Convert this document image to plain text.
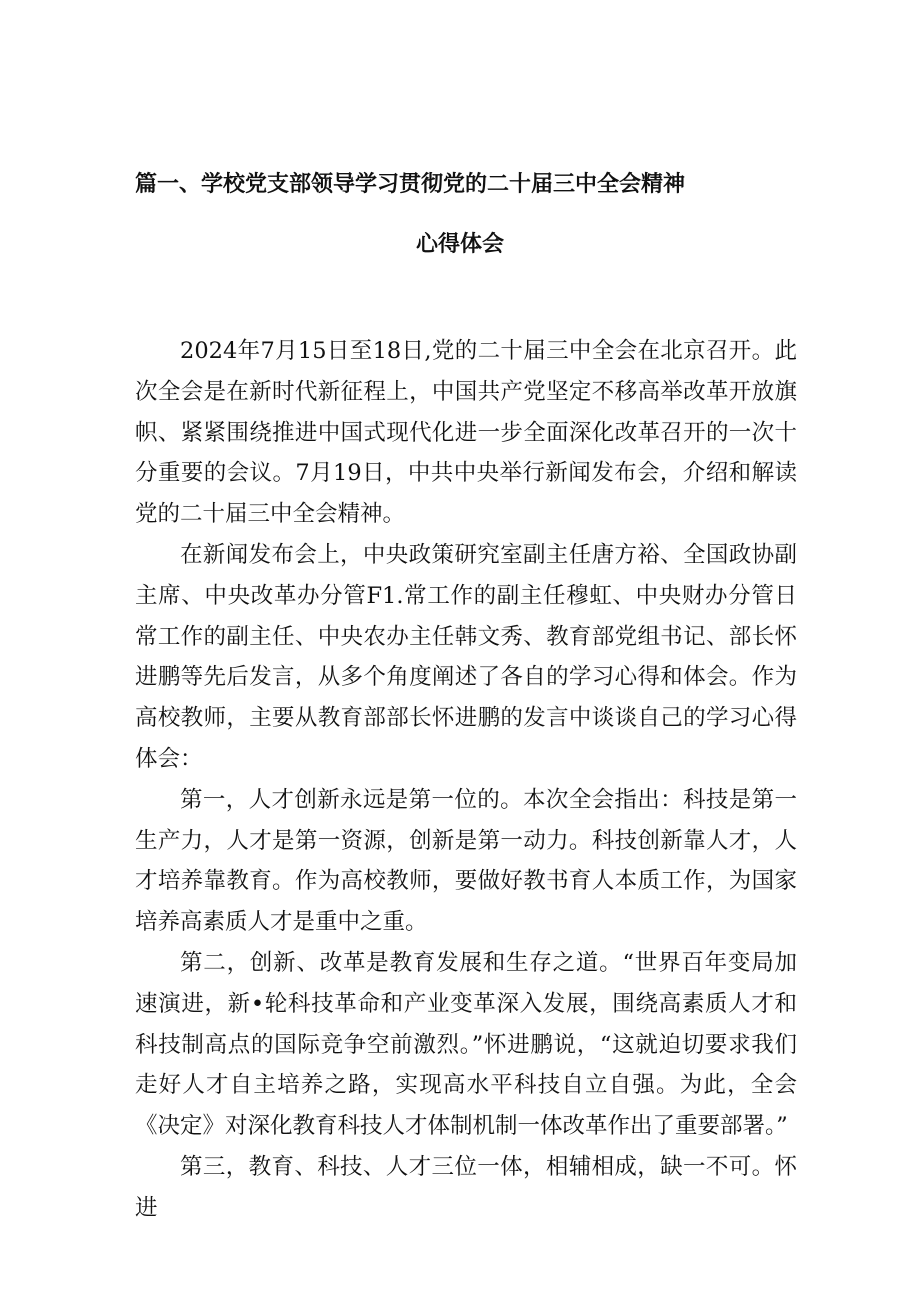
篇一、学校党支部领导学习贯彻党的二十届三中全会精神
心得体会

2024年7月15日至18日,党的二十届三中全会在北京召开。此次全会是在新时代新征程上，中国共产党坚定不移高举改革开放旗帜、紧紧围绕推进中国式现代化进一步全面深化改革召开的一次十分重要的会议。7月19日，中共中央举行新闻发布会，介绍和解读党的二十届三中全会精神。

在新闻发布会上，中央政策研究室副主任唐方裕、全国政协副主席、中央改革办分管F1.常工作的副主任穆虹、中央财办分管日常工作的副主任、中央农办主任韩文秀、教育部党组书记、部长怀进鹏等先后发言，从多个角度阐述了各自的学习心得和体会。作为高校教师，主要从教育部部长怀进鹏的发言中谈谈自己的学习心得体会：

第一，人才创新永远是第一位的。本次全会指出：科技是第一生产力，人才是第一资源，创新是第一动力。科技创新靠人才，人才培养靠教育。作为高校教师，要做好教书育人本质工作，为国家培养高素质人才是重中之重。

第二，创新、改革是教育发展和生存之道。“世界百年变局加速演进，新•轮科技革命和产业变革深入发展，围绕高素质人才和科技制高点的国际竞争空前激烈。”怀进鹏说，“这就迫切要求我们走好人才自主培养之路，实现高水平科技自立自强。为此，全会《决定》对深化教育科技人才体制机制一体改革作出了重要部署。”

第三，教育、科技、人才三位一体，相辅相成，缺一不可。怀进
